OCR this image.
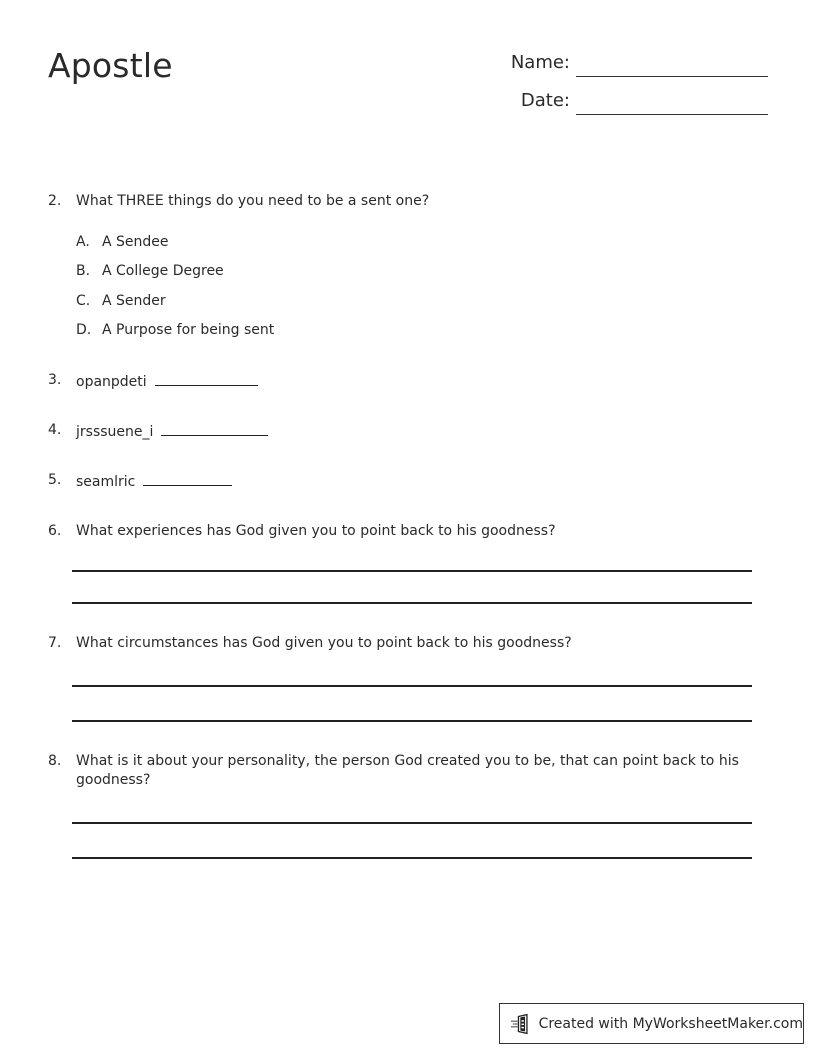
Apostle	Name:
Date:
2.	What THREE things do you need to be a sent one?
A. A Sendee
B. A College Degree
C. A Sender
D. A Purpose for being sent
3.	opanpdeti
4.	jrsssuene_i
5.	seamlric
6.	What experiences has God given you to point back to his goodness?
7.	What circumstances has God given you to point back to his goodness?
8.	What is it about your personality, the person God created you to be, that can point back to his goodness?
Created with MyWorksheetMaker.com
